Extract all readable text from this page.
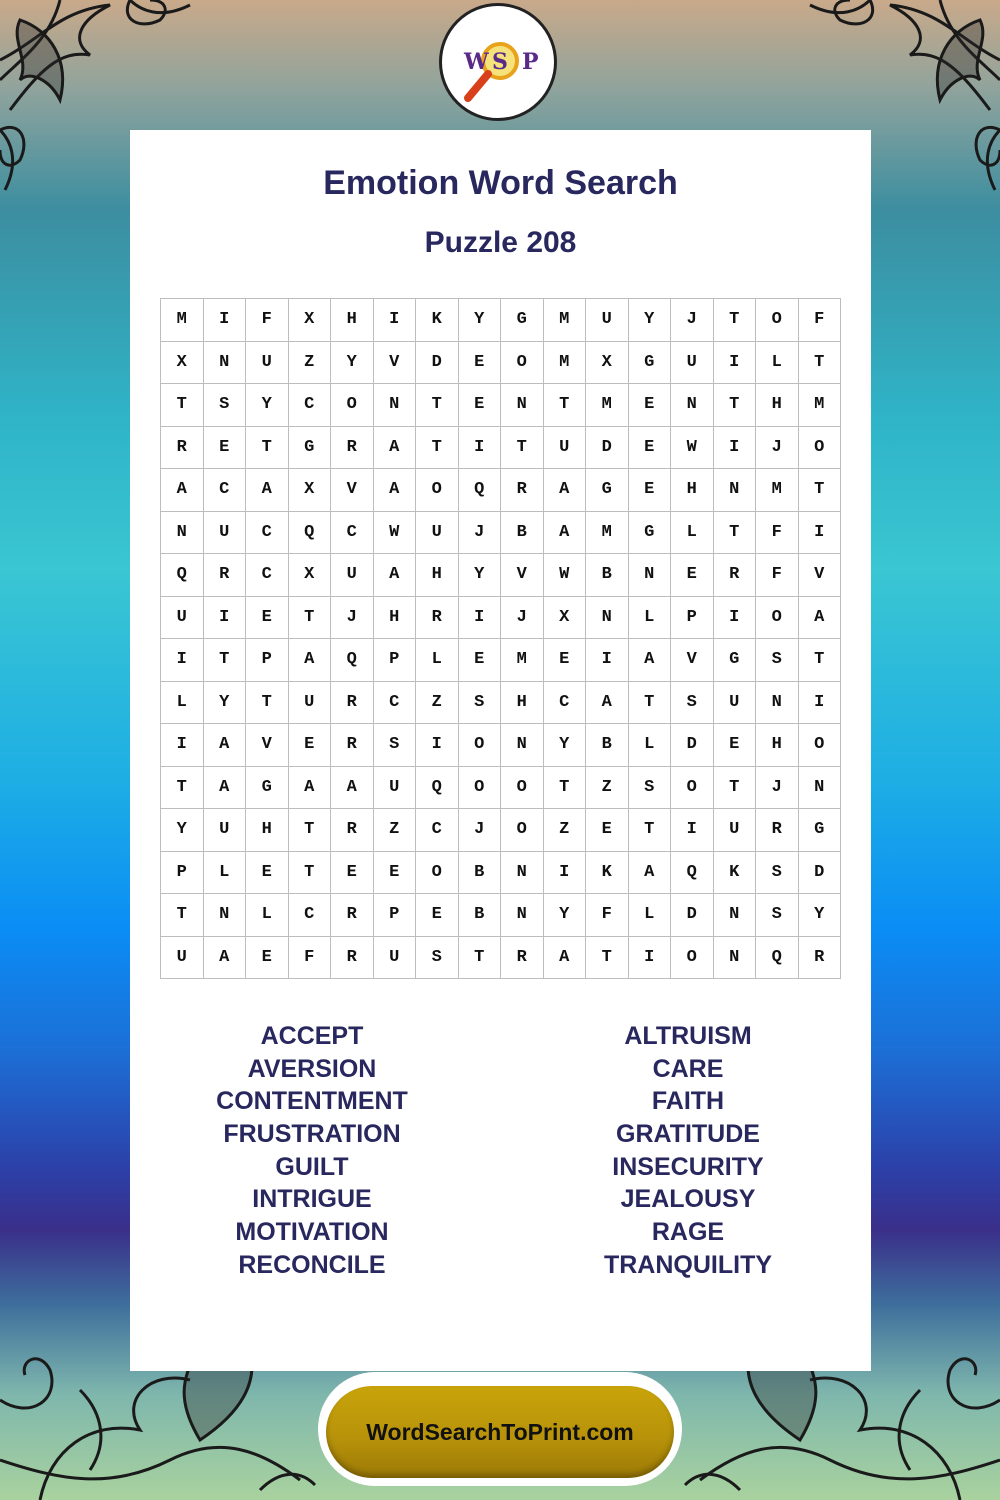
W S P
Emotion Word Search
Puzzle 208
M	I	F	X	H	I	K	Y	G	M	U	Y	J	T	O	F
X	N	U	Z	Y	V	D	E	O	M	X	G	U	I	L	T
T	S	Y	C	O	N	T	E	N	T	M	E	N	T	H	M
R	E	T	G	R	A	T	I	T	U	D	E	W	I	J	O
A	C	A	X	V	A	O	Q	R	A	G	E	H	N	M	T
N	U	C	Q	C	W	U	J	B	A	M	G	L	T	F	I
Q	R	C	X	U	A	H	Y	V	W	B	N	E	R	F	V
U	I	E	T	J	H	R	I	J	X	N	L	P	I	O	A
I	T	P	A	Q	P	L	E	M	E	I	A	V	G	S	T
L	Y	T	U	R	C	Z	S	H	C	A	T	S	U	N	I
I	A	V	E	R	S	I	O	N	Y	B	L	D	E	H	O
T	A	G	A	A	U	Q	O	O	T	Z	S	O	T	J	N
Y	U	H	T	R	Z	C	J	O	Z	E	T	I	U	R	G
P	L	E	T	E	E	O	B	N	I	K	A	Q	K	S	D
T	N	L	C	R	P	E	B	N	Y	F	L	D	N	S	Y
U	A	E	F	R	U	S	T	R	A	T	I	O	N	Q	R
ACCEPT
AVERSION
CONTENTMENT
FRUSTRATION
GUILT
INTRIGUE
MOTIVATION
RECONCILE
ALTRUISM
CARE
FAITH
GRATITUDE
INSECURITY
JEALOUSY
RAGE
TRANQUILITY
WordSearchToPrint.com
